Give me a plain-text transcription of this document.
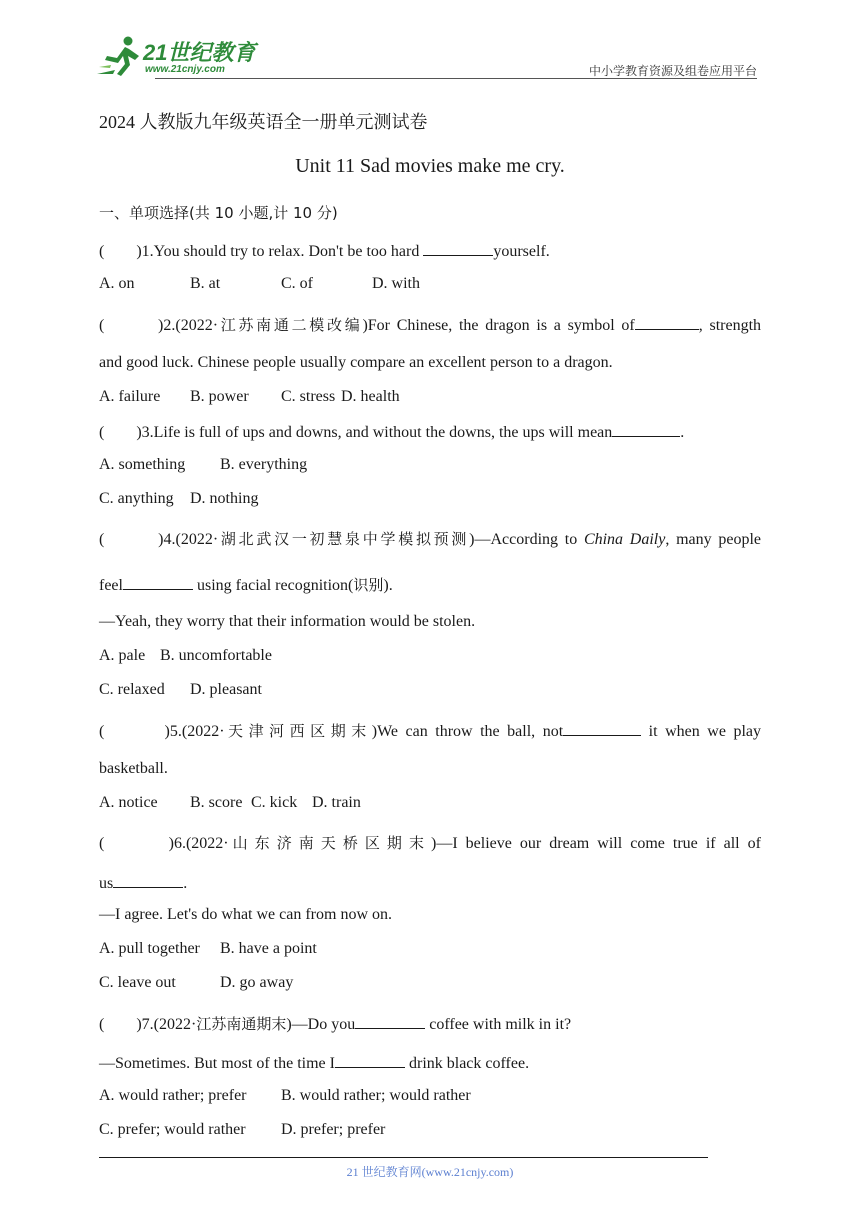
21世纪教育
www.21cnjy.com	中小学教育资源及组卷应用平台
2024 人教版九年级英语全一册单元测试卷
Unit 11 Sad movies make me cry.
一、单项选择(共 10 小题,计 10 分)
(        )1.You should try to relax. Don't be too hard	yourself.
A. on	B. at	C. of	D. with
(        )2.(2022·江苏南通二模改编)For Chinese, the dragon is a symbol of	, strength
and good luck. Chinese people usually compare an excellent person to a dragon.
A. failure B. power C. stress D. health
(        )3.Life is full of ups and downs, and without the downs, the ups will mean	.
A. something B. everything
C. anything D. nothing
(        )4.(2022·湖北武汉一初慧泉中学模拟预测)—According to China Daily, many people
feel	using facial recognition(识别).
—Yeah, they worry that their information would be stolen.
A. pale B. uncomfortable
C. relaxed D. pleasant
(        )5.(2022·天津河西区期末)We can throw the ball, not	it when we play
basketball.
A. notice B. score C. kick D. train
(        )6.(2022·山东济南天桥区期末)—I believe our dream will come true if all of
us	.
—I agree. Let's do what we can from now on.
A. pull together B. have a point
C. leave out	D. go away
(        )7.(2022·江苏南通期末)—Do you	coffee with milk in it?
—Sometimes. But most of the time I	drink black coffee.
A. would rather; prefer B. would rather; would rather
C. prefer; would rather D. prefer; prefer
21 世纪教育网(www.21cnjy.com)
